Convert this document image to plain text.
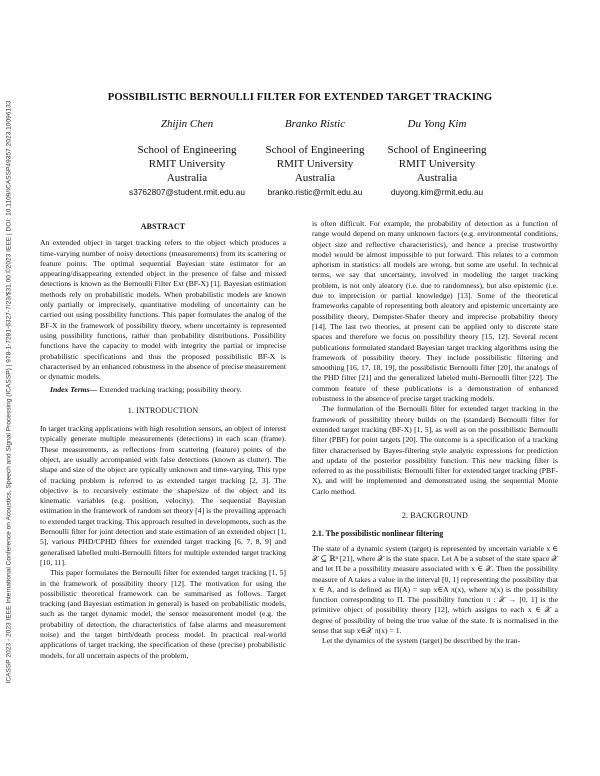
ICASSP 2023 - 2023 IEEE International Conference on Acoustics, Speech and Signal Processing (ICASSP) | 978-1-7281-6327-7/23/$31.00 ©2023 IEEE | DOI: 10.1109/ICASSP49357.2023.10096133
POSSIBILISTIC BERNOULLI FILTER FOR EXTENDED TARGET TRACKING
Zhijin Chen
School of Engineering
RMIT University
Australia
s3762807@student.rmit.edu.au
Branko Ristic
School of Engineering
RMIT University
Australia
branko.ristic@rmit.edu.au
Du Yong Kim
School of Engineering
RMIT University
Australia
duyong.kim@rmit.edu.au
ABSTRACT

An extended object in target tracking refers to the object which produces a time-varying number of noisy detections (measurements) from its scattering or feature points. The optimal sequential Bayesian state estimator for an appearing/disappearing extended object in the presence of false and missed detections is known as the Bernoulli Filter Ext (BF-X) [1]. Bayesian estimation methods rely on probabilistic models. When probabilistic models are known only partially or imprecisely, quantitative modeling of uncertainty can be carried out using possibility functions. This paper formulates the analog of the BF-X in the framework of possibility theory, where uncertainty is represented using possibility functions, rather than probability distributions. Possibility functions have the capacity to model with integrity the partial or imprecise probabilistic specifications and thus the proposed possibilistic BF-X is characterised by an enhanced robustness in the absence of precise measurement or dynamic models.

Index Terms— Extended tracking tracking; possibility theory.

1. INTRODUCTION

In target tracking applications with high resolution sensors, an object of interest typically generate multiple measurements (detections) in each scan (frame). These measurements, as reflections from scattering (feature) points of the object, are usually accompanied with false detections (known as clutter). The shape and size of the object are typically unknown and time-varying. This type of tracking problem is referred to as extended target tracking [2, 3]. The objective is to recursively estimate the shape/size of the object and its kinematic variables (e.g. position, velocity). The sequential Bayesian estimation in the framework of random set theory [4] is the prevailing approach to extended target tracking. This approach resulted in developments, such as the Bernoulli filter for joint detection and state estimation of an extended object [1, 5], various PHD/CPHD filters for extended target tracking [6, 7, 8, 9] and generalised labelled multi-Bernoulli filters for multiple extended target tracking [10, 11].

This paper formulates the Bernoulli filter for extended target tracking [1, 5] in the framework of possibility theory [12]. The motivation for using the possibilistic theoretical framework can be summarised as follows. Target tracking (and Bayesian estimation in general) is based on probabilistic models, such as the target dynamic model, the sensor measurement model (e.g. the probability of detection, the characteristics of false alarms and measurement noise) and the target birth/death process model. In practical real-world applications of target tracking, the specification of these (precise) probabilistic models, for all uncertain aspects of the problem,

is often difficult. For example, the probability of detection as a function of range would depend on many unknown factors (e.g. environmental conditions, object size and reflective characteristics), and hence a precise trustworthy model would be almost impossible to put forward. This relates to a common aphorism in statistics: all models are wrong, but some are useful. In technical terms, we say that uncertainty, involved in modeling the target tracking problem, is not only aleatory (i.e. due to randomness), but also epistemic (i.e. due to imprecision or partial knowledge) [13]. Some of the theoretical frameworks capable of representing both aleatory and epistemic uncertainty are possibility theory, Dempster-Shafer theory and imprecise probability theory [14]. The last two theories, at present can be applied only to discrete state spaces and therefore we focus on possibility theory [15, 12]. Several recent publications formulated standard Bayesian target tracking algorithms using the framework of possibility theory. They include possibilistic filtering and smoothing [16, 17, 18, 19], the possibilistic Bernoulli filter [20], the analogs of the PHD filter [21] and the generalized labeled multi-Bernoulli filter [22]. The common feature of these publications is a demonstration of enhanced robustness in the absence of precise target tracking models.

The formulation of the Bernoulli filter for extended target tracking in the framework of possibility theory builds on the (standard) Bernoulli filter for extended target tracking (BF-X) [1, 5], as well as on the possibilistic Bernoulli filter (PBF) for point targets [20]. The outcome is a specification of a tracking filter characterised by Bayes-filtering style analytic expressions for prediction and update of the posterior possibility function. This new tracking filter is referred to as the possibilistic Bernoulli filter for extended target tracking (PBF-X), and will be implemented and demonstrated using the sequential Monte Carlo method.

2. BACKGROUND
2.1. The possibilistic nonlinear filtering

The state of a dynamic system (target) is represented by uncertain variable x ∈ 𝒳 ⊆ ℝⁿ [21], where 𝒳 is the state space. Let A be a subset of the state space 𝒳 and let Π be a possibility measure associated with x ∈ 𝒳. Then the possibility measure of A takes a value in the interval [0, 1] representing the possibility that x ∈ A, and is defined as Π(A) = sup x∈A π(x), where π(x) is the possibility function corresponding to Π. The possibility function π : 𝒳 → [0, 1] is the primitive object of possibility theory [12], which assigns to each x ∈ 𝒳 a degree of possibility of being the true value of the state. It is normalised in the sense that sup x∈𝒳 π(x) = 1.

Let the dynamics of the system (target) be described by the tran-
